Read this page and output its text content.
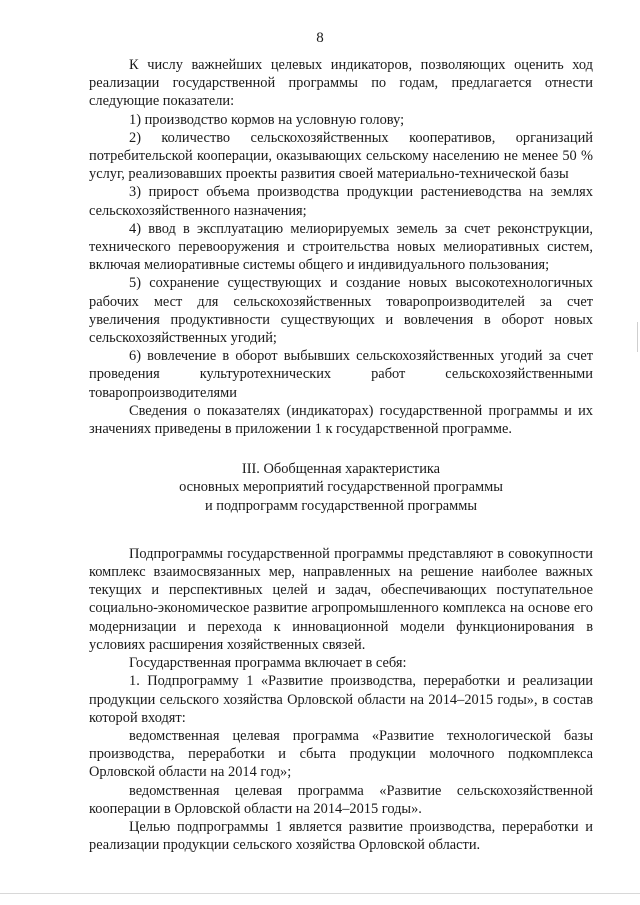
8

К числу важнейших целевых индикаторов, позволяющих оценить ход реализации государственной программы по годам, предлагается отнести следующие показатели:

1) производство кормов на условную голову;

2) количество сельскохозяйственных кооперативов, организаций потребительской кооперации, оказывающих сельскому населению не менее 50 % услуг, реализовавших проекты развития своей материально-технической базы

3) прирост объема производства продукции растениеводства на землях сельскохозяйственного назначения;

4) ввод в эксплуатацию мелиорируемых земель за счет реконструкции, технического перевооружения и строительства новых мелиоративных систем, включая мелиоративные системы общего и индивидуального пользования;

5) сохранение существующих и создание новых высокотехнологичных рабочих мест для сельскохозяйственных товаропроизводителей за счет увеличения продуктивности существующих и вовлечения в оборот новых сельскохозяйственных угодий;

6) вовлечение в оборот выбывших сельскохозяйственных угодий за счет проведения культуротехнических работ сельскохозяйственными товаропроизводителями

Сведения о показателях (индикаторах) государственной программы и их значениях приведены в приложении 1 к государственной программе.

III. Обобщенная характеристика
основных мероприятий государственной программы
и подпрограмм государственной программы

Подпрограммы государственной программы представляют в совокупности комплекс взаимосвязанных мер, направленных на решение наиболее важных текущих и перспективных целей и задач, обеспечивающих поступательное социально-экономическое развитие агропромышленного комплекса на основе его модернизации и перехода к инновационной модели функционирования в условиях расширения хозяйственных связей.

Государственная программа включает в себя:

1. Подпрограмму 1 «Развитие производства, переработки и реализации продукции сельского хозяйства Орловской области на 2014–2015 годы», в состав которой входят:

ведомственная целевая программа «Развитие технологической базы производства, переработки и сбыта продукции молочного подкомплекса Орловской области на 2014 год»;

ведомственная целевая программа «Развитие сельскохозяйственной кооперации в Орловской области на 2014–2015 годы».

Целью подпрограммы 1 является развитие производства, переработки и реализации продукции сельского хозяйства Орловской области.
